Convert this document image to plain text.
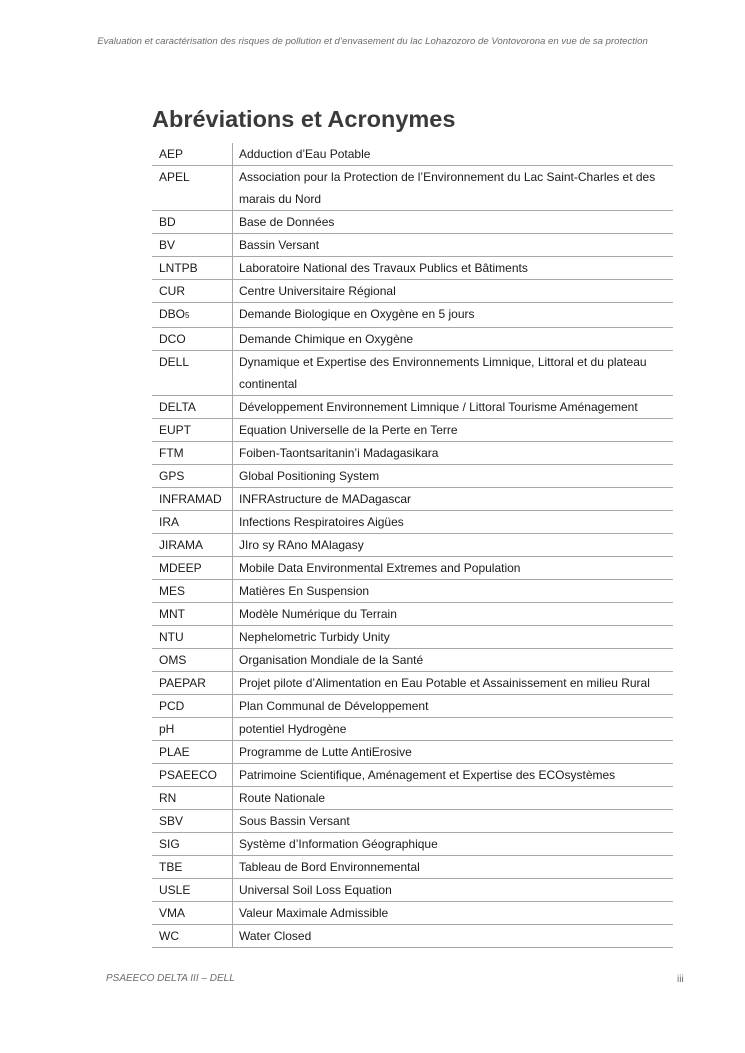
Evaluation et caractérisation des risques de pollution et d’envasement du lac Lohazozoro de Vontovorona en vue de sa protection
Abréviations et Acronymes
AEP	Adduction d’Eau Potable
APEL	Association pour la Protection de l’Environnement du Lac Saint-Charles et des marais du Nord
BD	Base de Données
BV	Bassin Versant
LNTPB	Laboratoire National des Travaux Publics et Bâtiments
CUR	Centre Universitaire Régional
DBO5	Demande Biologique en Oxygène en 5 jours
DCO	Demande Chimique en Oxygène
DELL	Dynamique et Expertise des Environnements Limnique, Littoral et du plateau continental
DELTA	Développement Environnement Limnique / Littoral Tourisme Aménagement
EUPT	Equation Universelle de la Perte en Terre
FTM	Foiben-Taontsaritanin’i Madagasikara
GPS	Global Positioning System
INFRAMAD	INFRAstructure de MADagascar
IRA	Infections Respiratoires Aigües
JIRAMA	JIro sy RAno MAlagasy
MDEEP	Mobile Data Environmental Extremes and Population
MES	Matières En Suspension
MNT	Modèle Numérique du Terrain
NTU	Nephelometric Turbidy Unity
OMS	Organisation Mondiale de la Santé
PAEPAR	Projet pilote d’Alimentation en Eau Potable et Assainissement en milieu Rural
PCD	Plan Communal de Développement
pH	potentiel Hydrogène
PLAE	Programme de Lutte AntiErosive
PSAEECO	Patrimoine Scientifique, Aménagement et Expertise des ECOsystèmes
RN	Route Nationale
SBV	Sous Bassin Versant
SIG	Système d’Information Géographique
TBE	Tableau de Bord Environnemental
USLE	Universal Soil Loss Equation
VMA	Valeur Maximale Admissible
WC	Water Closed
PSAEECO DELTA III – DELL	iii
